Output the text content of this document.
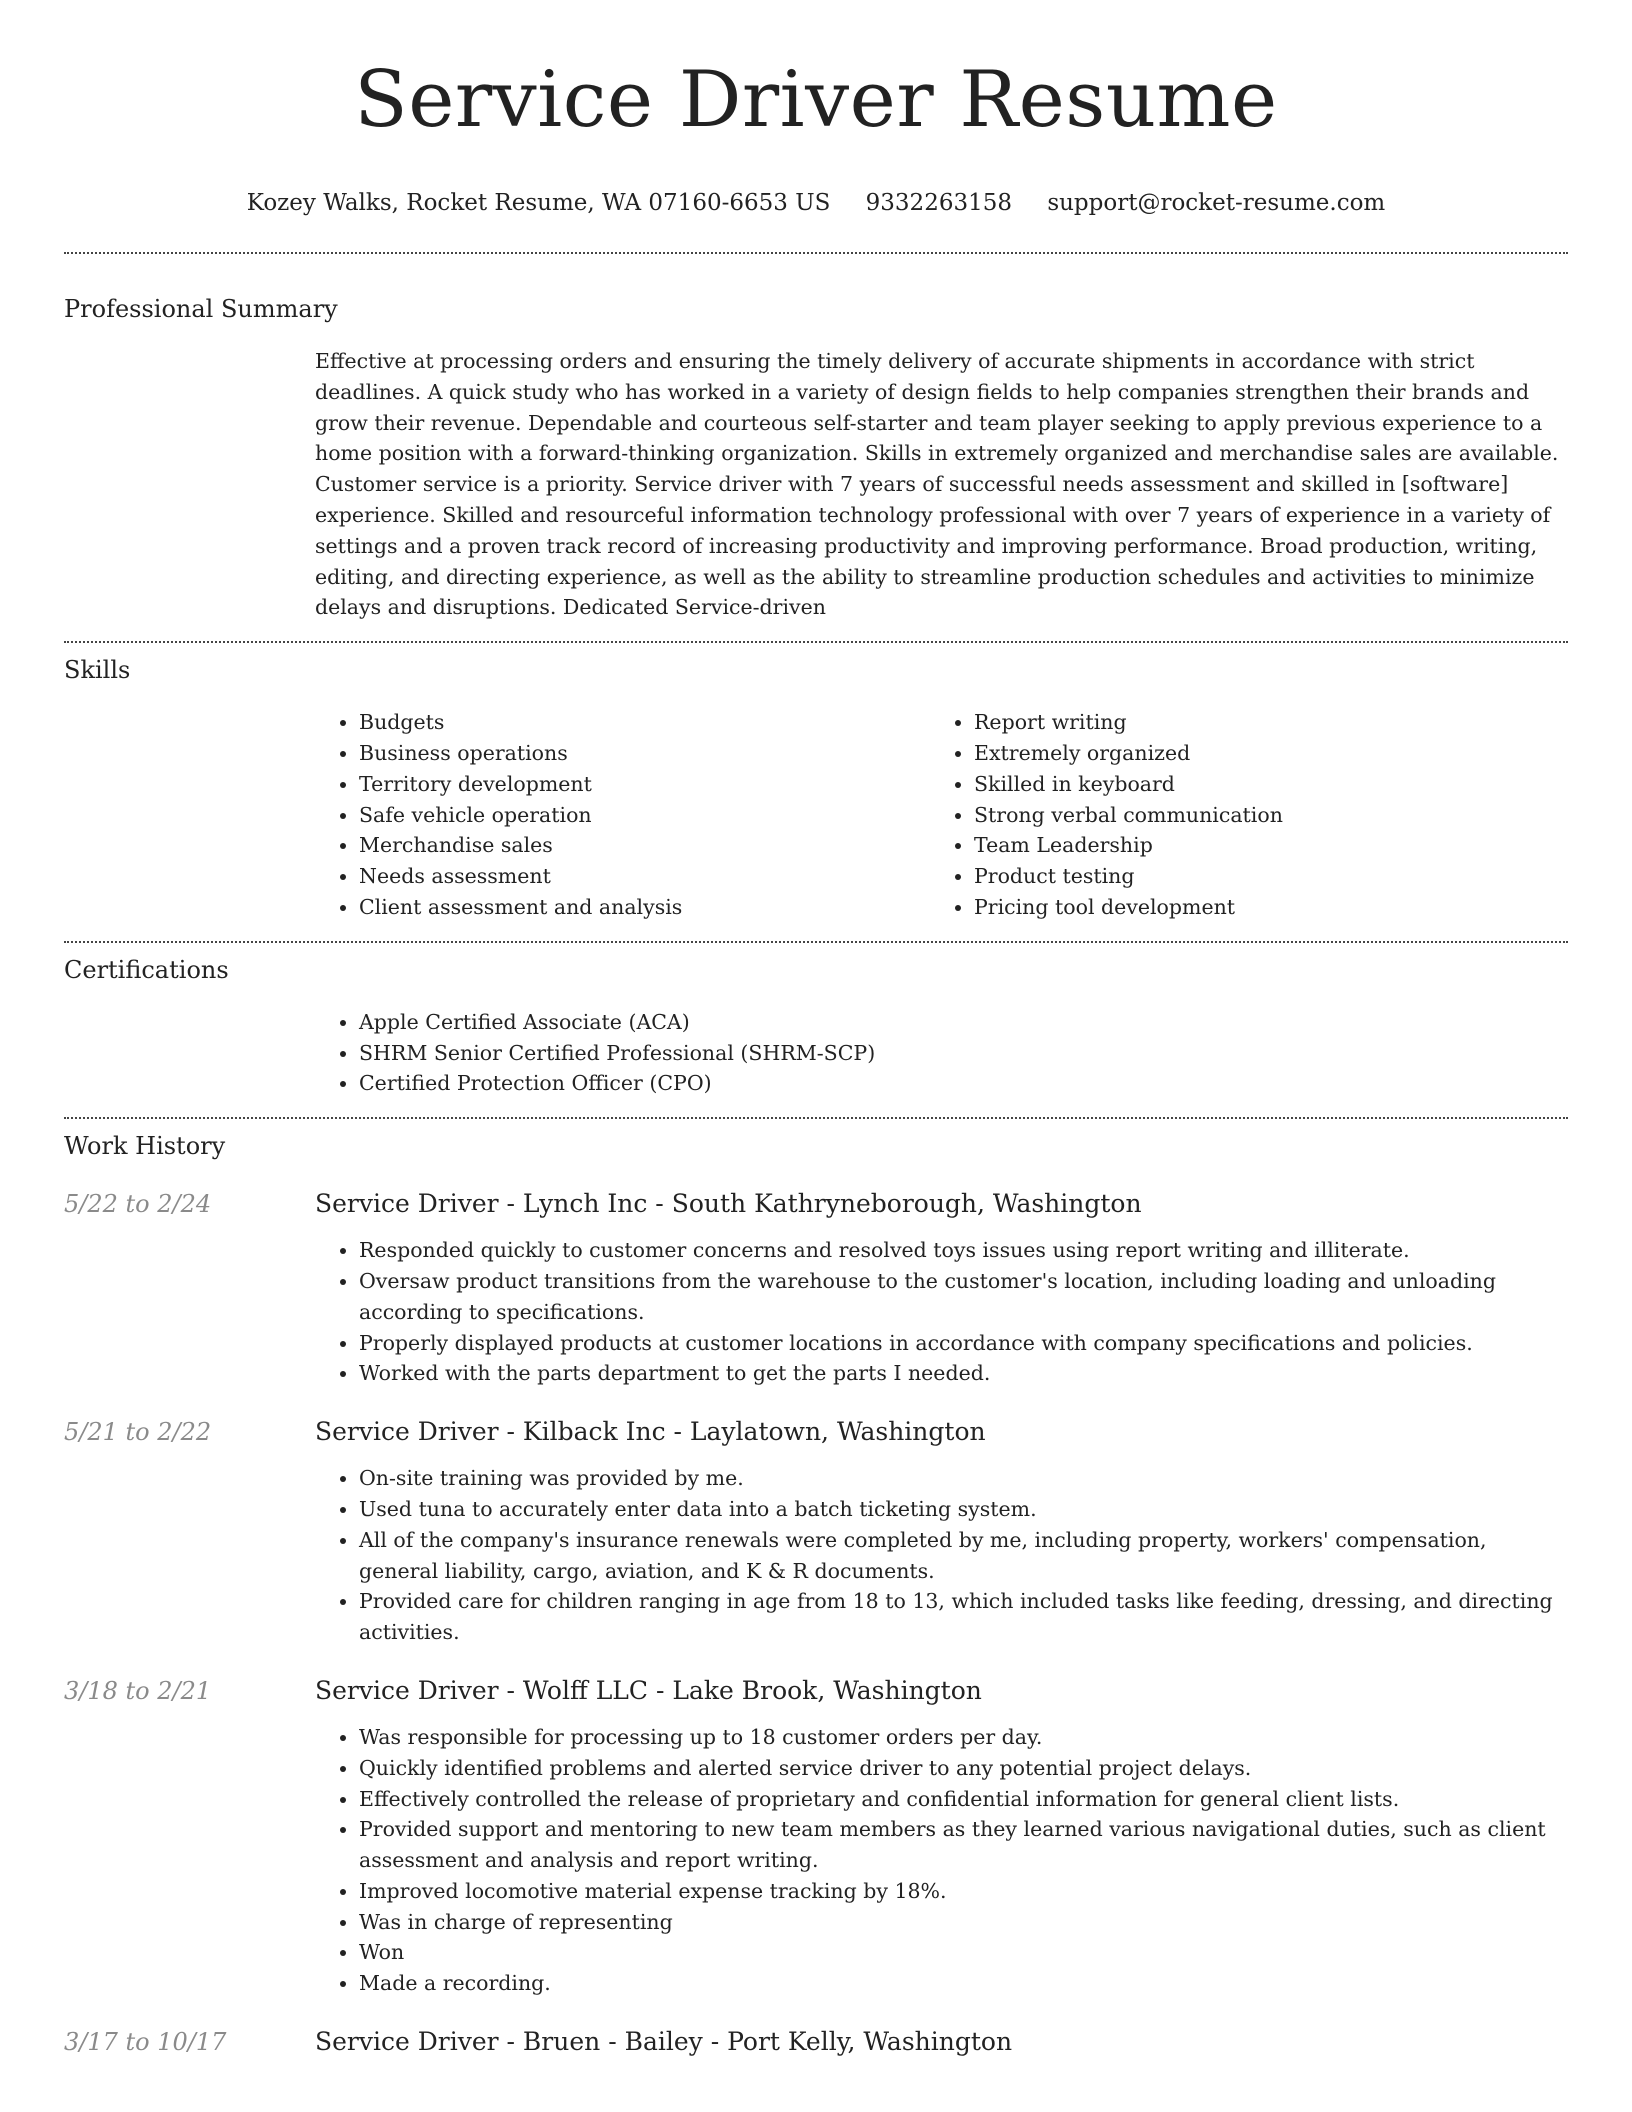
Service Driver Resume
Kozey Walks, Rocket Resume, WA 07160-6653 US 9332263158 support@rocket-resume.com
Professional Summary

Effective at processing orders and ensuring the timely delivery of accurate shipments in accordance with strict deadlines. A quick study who has worked in a variety of design fields to help companies strengthen their brands and grow their revenue. Dependable and courteous self-starter and team player seeking to apply previous experience to a home position with a forward-thinking organization. Skills in extremely organized and merchandise sales are available. Customer service is a priority. Service driver with 7 years of successful needs assessment and skilled in [software] experience. Skilled and resourceful information technology professional with over 7 years of experience in a variety of settings and a proven track record of increasing productivity and improving performance. Broad production, writing, editing, and directing experience, as well as the ability to streamline production schedules and activities to minimize delays and disruptions. Dedicated Service-driven

Skills
• Budgets
• Business operations
• Territory development
• Safe vehicle operation
• Merchandise sales
• Needs assessment
• Client assessment and analysis
• Report writing
• Extremely organized
• Skilled in keyboard
• Strong verbal communication
• Team Leadership
• Product testing
• Pricing tool development
Certifications
• Apple Certified Associate (ACA)
• SHRM Senior Certified Professional (SHRM-SCP)
• Certified Protection Officer (CPO)
Work History
5/22 to 2/24	Service Driver - Lynch Inc - South Kathryneborough, Washington
• Responded quickly to customer concerns and resolved toys issues using report writing and illiterate.
• Oversaw product transitions from the warehouse to the customer's location, including loading and unloading according to specifications.
• Properly displayed products at customer locations in accordance with company specifications and policies.
• Worked with the parts department to get the parts I needed.
5/21 to 2/22	Service Driver - Kilback Inc - Laylatown, Washington
• On-site training was provided by me.
• Used tuna to accurately enter data into a batch ticketing system.
• All of the company's insurance renewals were completed by me, including property, workers' compensation, general liability, cargo, aviation, and K & R documents.
• Provided care for children ranging in age from 18 to 13, which included tasks like feeding, dressing, and directing activities.
3/18 to 2/21	Service Driver - Wolff LLC - Lake Brook, Washington
• Was responsible for processing up to 18 customer orders per day.
• Quickly identified problems and alerted service driver to any potential project delays.
• Effectively controlled the release of proprietary and confidential information for general client lists.
• Provided support and mentoring to new team members as they learned various navigational duties, such as client assessment and analysis and report writing.
• Improved locomotive material expense tracking by 18%.
• Was in charge of representing
• Won
• Made a recording.
3/17 to 10/17	Service Driver - Bruen - Bailey - Port Kelly, Washington
